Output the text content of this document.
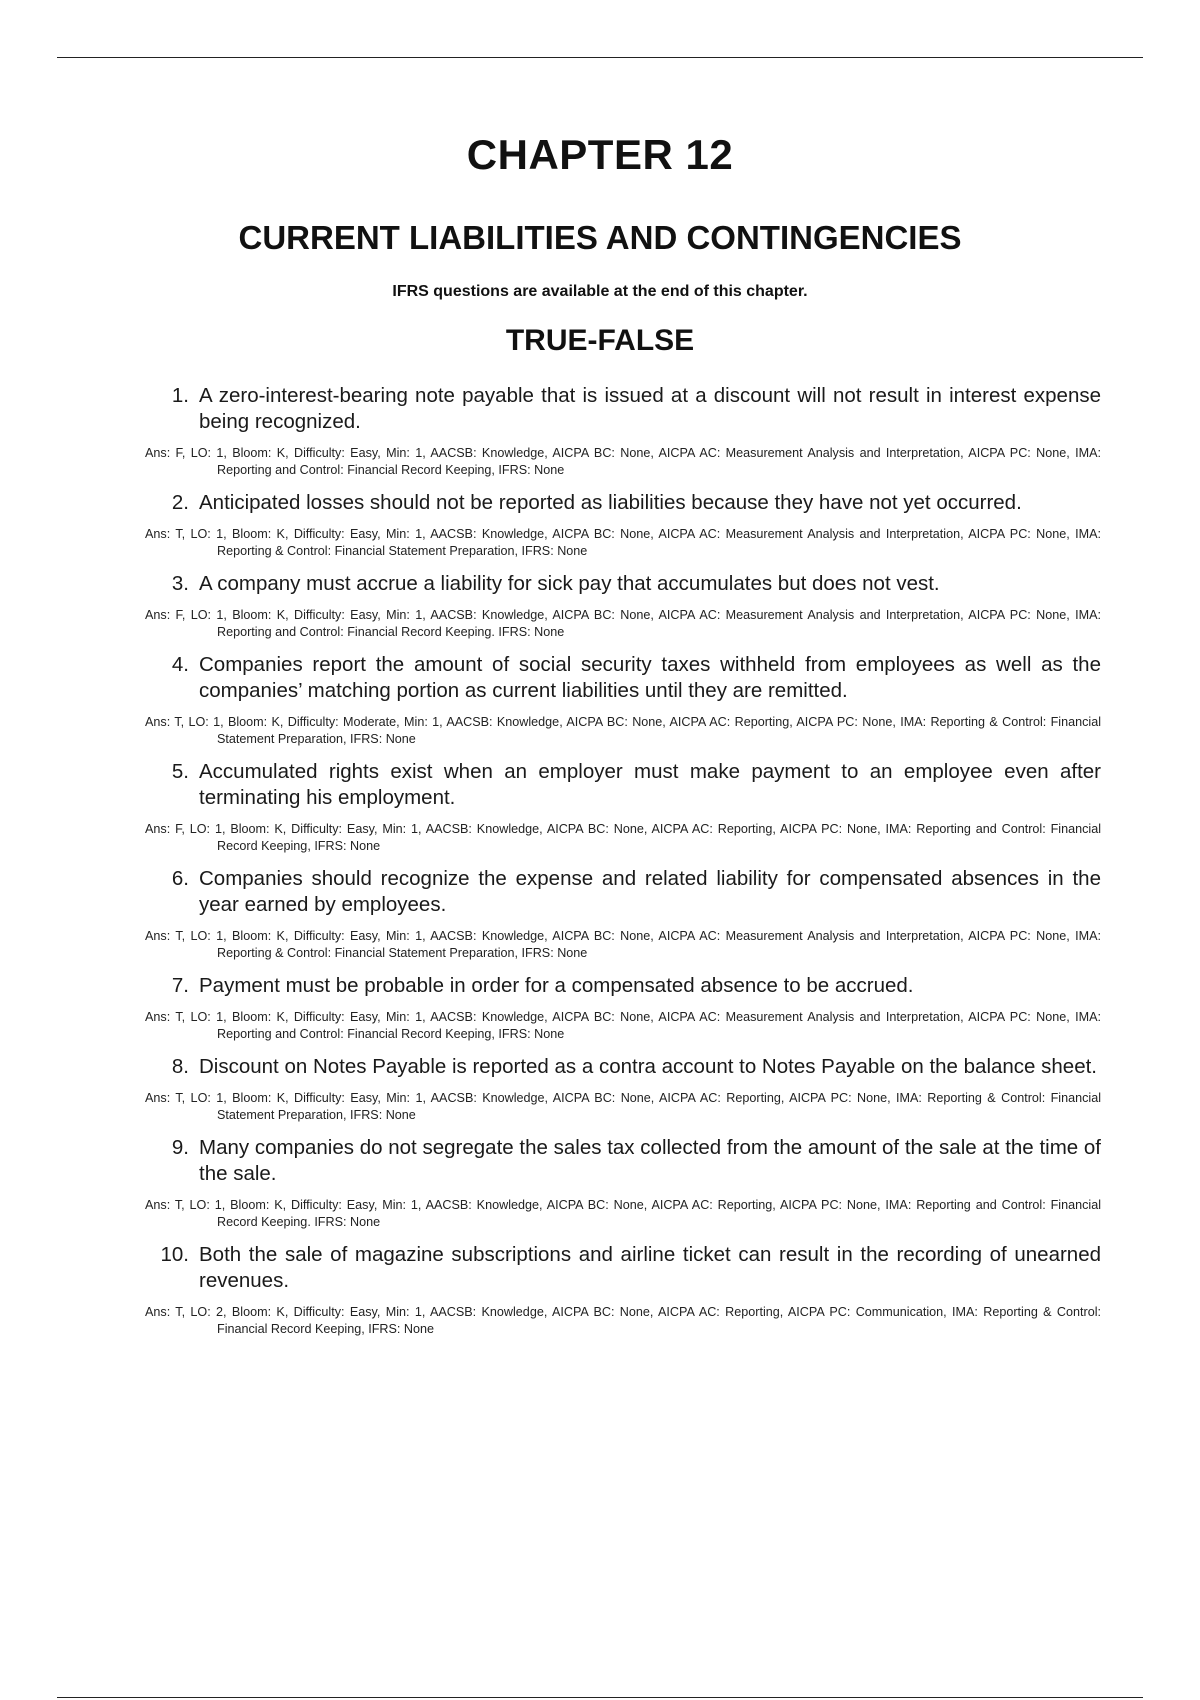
CHAPTER 12
CURRENT LIABILITIES AND CONTINGENCIES

IFRS questions are available at the end of this chapter.

TRUE-FALSE
1. A zero-interest-bearing note payable that is issued at a discount will not result in interest expense being recognized.

Ans: F, LO: 1, Bloom: K, Difficulty: Easy, Min: 1, AACSB: Knowledge, AICPA BC: None, AICPA AC: Measurement Analysis and Interpretation, AICPA PC: None, IMA: Reporting and Control: Financial Record Keeping, IFRS: None

2. Anticipated losses should not be reported as liabilities because they have not yet occurred.

Ans: T, LO: 1, Bloom: K, Difficulty: Easy, Min: 1, AACSB: Knowledge, AICPA BC: None, AICPA AC: Measurement Analysis and Interpretation, AICPA PC: None, IMA: Reporting & Control: Financial Statement Preparation, IFRS: None

3. A company must accrue a liability for sick pay that accumulates but does not vest.

Ans: F, LO: 1, Bloom: K, Difficulty: Easy, Min: 1, AACSB: Knowledge, AICPA BC: None, AICPA AC: Measurement Analysis and Interpretation, AICPA PC: None, IMA: Reporting and Control: Financial Record Keeping. IFRS: None

4. Companies report the amount of social security taxes withheld from employees as well as the companies’ matching portion as current liabilities until they are remitted.

Ans: T, LO: 1, Bloom: K, Difficulty: Moderate, Min: 1, AACSB: Knowledge, AICPA BC: None, AICPA AC: Reporting, AICPA PC: None, IMA: Reporting & Control: Financial Statement Preparation, IFRS: None

5. Accumulated rights exist when an employer must make payment to an employee even after terminating his employment.

Ans: F, LO: 1, Bloom: K, Difficulty: Easy, Min: 1, AACSB: Knowledge, AICPA BC: None, AICPA AC: Reporting, AICPA PC: None, IMA: Reporting and Control: Financial Record Keeping, IFRS: None

6. Companies should recognize the expense and related liability for compensated absences in the year earned by employees.

Ans: T, LO: 1, Bloom: K, Difficulty: Easy, Min: 1, AACSB: Knowledge, AICPA BC: None, AICPA AC: Measurement Analysis and Interpretation, AICPA PC: None, IMA: Reporting & Control: Financial Statement Preparation, IFRS: None

7. Payment must be probable in order for a compensated absence to be accrued.

Ans: T, LO: 1, Bloom: K, Difficulty: Easy, Min: 1, AACSB: Knowledge, AICPA BC: None, AICPA AC: Measurement Analysis and Interpretation, AICPA PC: None, IMA: Reporting and Control: Financial Record Keeping, IFRS: None

8. Discount on Notes Payable is reported as a contra account to Notes Payable on the balance sheet.

Ans: T, LO: 1, Bloom: K, Difficulty: Easy, Min: 1, AACSB: Knowledge, AICPA BC: None, AICPA AC: Reporting, AICPA PC: None, IMA: Reporting & Control: Financial Statement Preparation, IFRS: None

9. Many companies do not segregate the sales tax collected from the amount of the sale at the time of the sale.

Ans: T, LO: 1, Bloom: K, Difficulty: Easy, Min: 1, AACSB: Knowledge, AICPA BC: None, AICPA AC: Reporting, AICPA PC: None, IMA: Reporting and Control: Financial Record Keeping. IFRS: None

10. Both the sale of magazine subscriptions and airline ticket can result in the recording of unearned revenues.

Ans: T, LO: 2, Bloom: K, Difficulty: Easy, Min: 1, AACSB: Knowledge, AICPA BC: None, AICPA AC: Reporting, AICPA PC: Communication, IMA: Reporting & Control: Financial Record Keeping, IFRS: None
